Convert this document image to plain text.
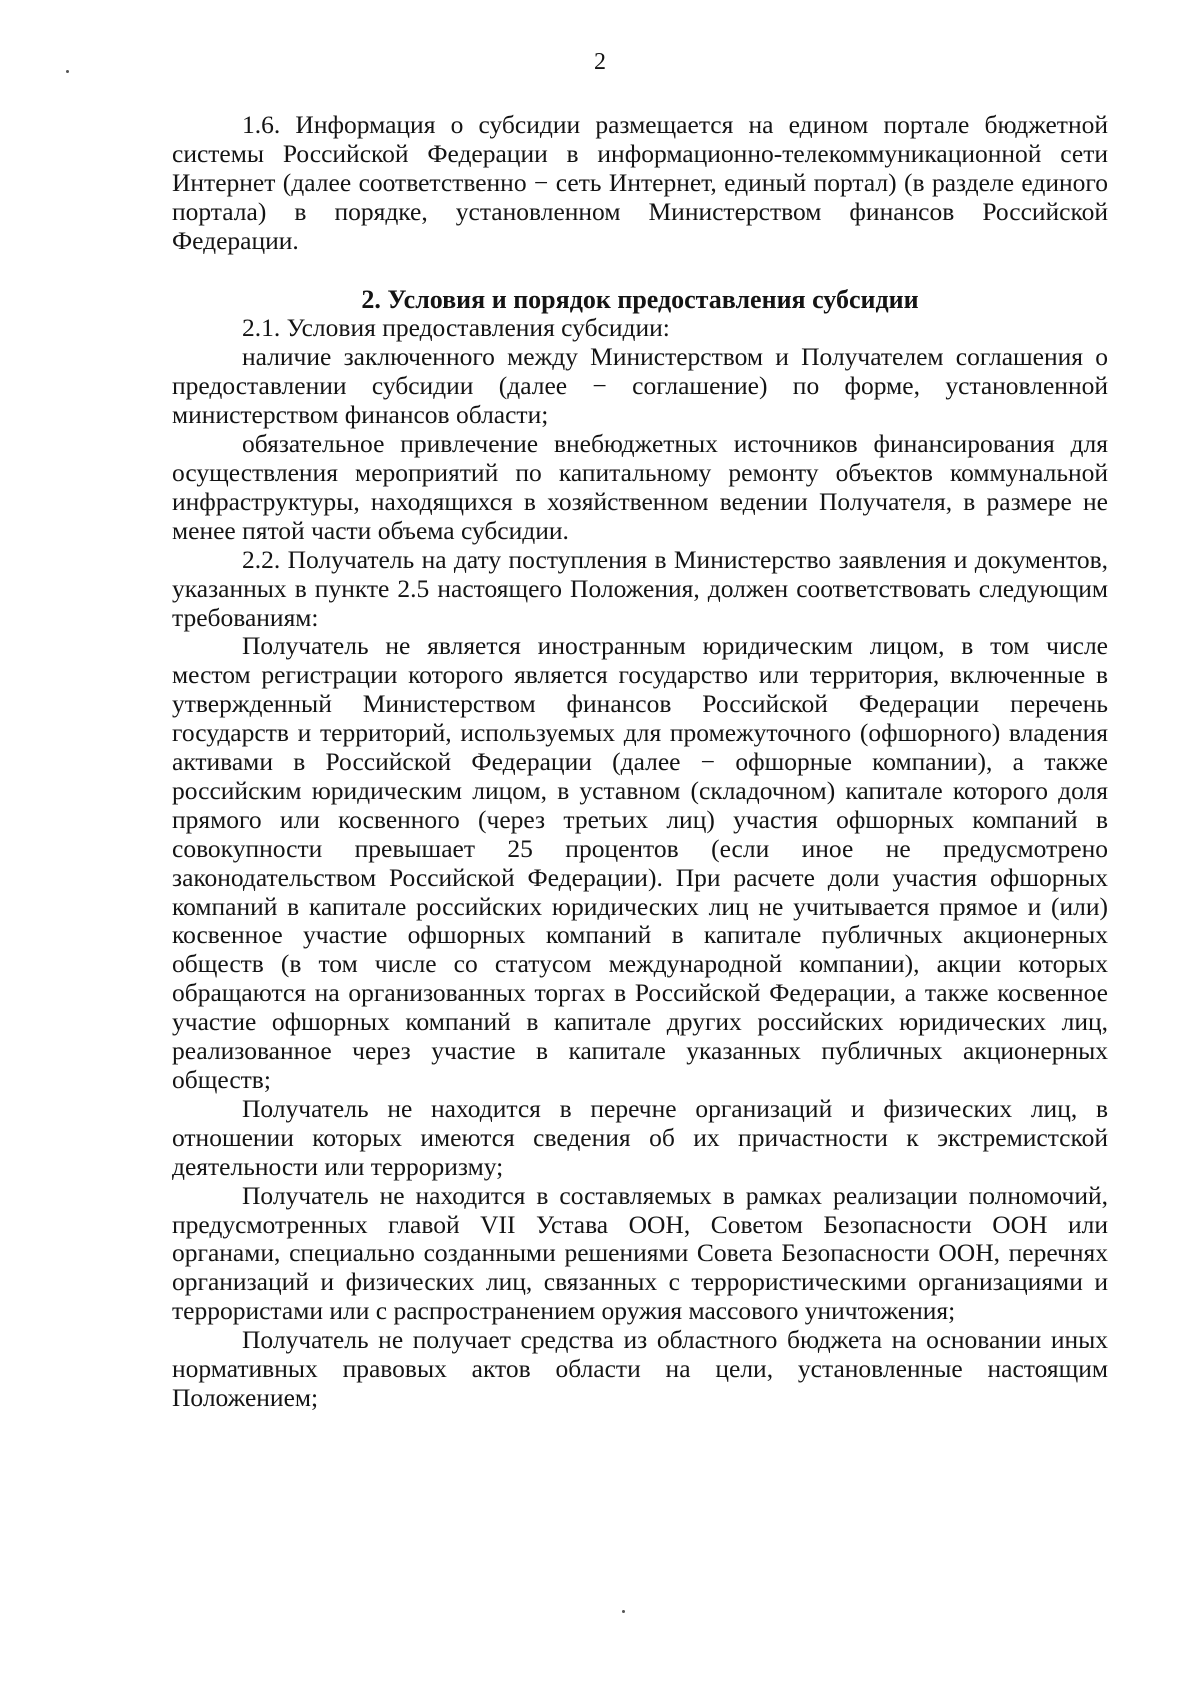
2

1.6. Информация о субсидии размещается на едином портале бюджетной системы Российской Федерации в информационно-телекоммуникационной сети Интернет (далее соответственно − сеть Интернет, единый портал) (в разделе единого портала) в порядке, установленном Министерством финансов Российской Федерации.

2. Условия и порядок предоставления субсидии

2.1. Условия предоставления субсидии:

наличие заключенного между Министерством и Получателем соглашения о предоставлении субсидии (далее − соглашение) по форме, установленной министерством финансов области;

обязательное привлечение внебюджетных источников финансирования для осуществления мероприятий по капитальному ремонту объектов коммунальной инфраструктуры, находящихся в хозяйственном ведении Получателя, в размере не менее пятой части объема субсидии.

2.2. Получатель на дату поступления в Министерство заявления и документов, указанных в пункте 2.5 настоящего Положения, должен соответствовать следующим требованиям:

Получатель не является иностранным юридическим лицом, в том числе местом регистрации которого является государство или территория, включенные в утвержденный Министерством финансов Российской Федерации перечень государств и территорий, используемых для промежуточного (офшорного) владения активами в Российской Федерации (далее − офшорные компании), а также российским юридическим лицом, в уставном (складочном) капитале которого доля прямого или косвенного (через третьих лиц) участия офшорных компаний в совокупности превышает 25 процентов (если иное не предусмотрено законодательством Российской Федерации). При расчете доли участия офшорных компаний в капитале российских юридических лиц не учитывается прямое и (или) косвенное участие офшорных компаний в капитале публичных акционерных обществ (в том числе со статусом международной компании), акции которых обращаются на организованных торгах в Российской Федерации, а также косвенное участие офшорных компаний в капитале других российских юридических лиц, реализованное через участие в капитале указанных публичных акционерных обществ;

Получатель не находится в перечне организаций и физических лиц, в отношении которых имеются сведения об их причастности к экстремистской деятельности или терроризму;

Получатель не находится в составляемых в рамках реализации полномочий, предусмотренных главой VII Устава ООН, Советом Безопасности ООН или органами, специально созданными решениями Совета Безопасности ООН, перечнях организаций и физических лиц, связанных с террористическими организациями и террористами или с распространением оружия массового уничтожения;

Получатель не получает средства из областного бюджета на основании иных нормативных правовых актов области на цели, установленные настоящим Положением;
